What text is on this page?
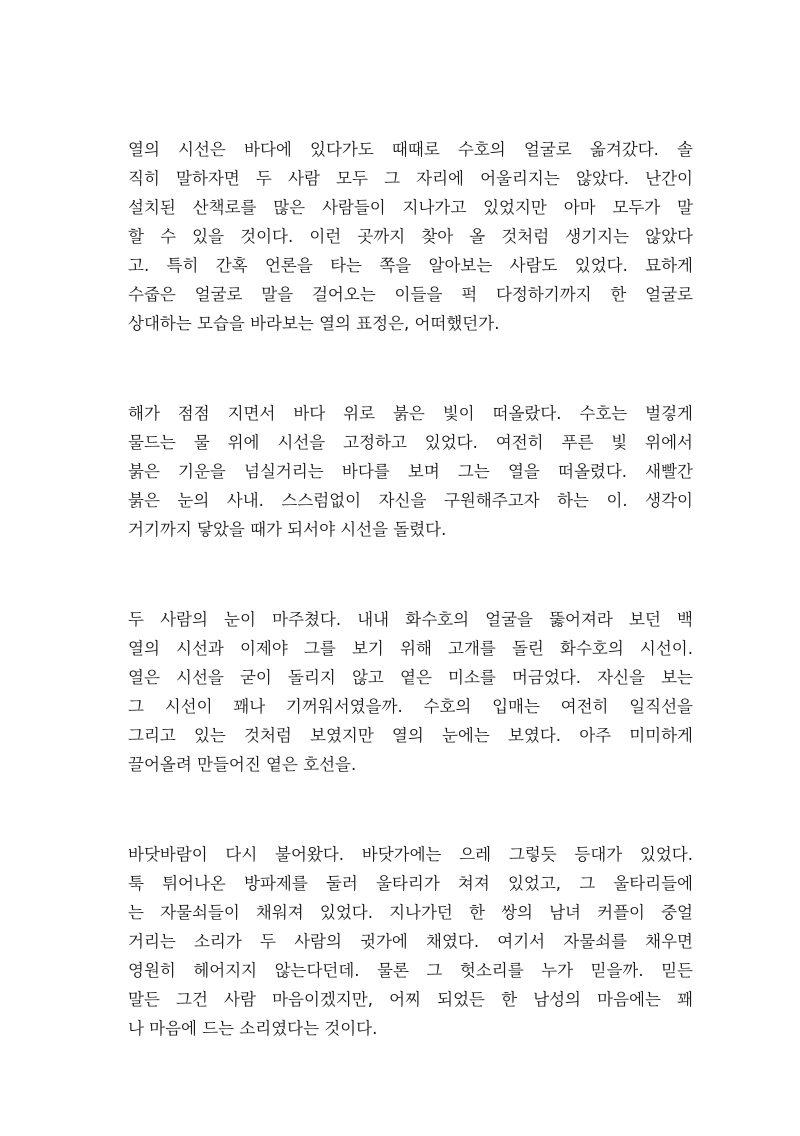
열의 시선은 바다에 있다가도 때때로 수호의 얼굴로 옮겨갔다. 솔
직히 말하자면 두 사람 모두 그 자리에 어울리지는 않았다. 난간이
설치된 산책로를 많은 사람들이 지나가고 있었지만 아마 모두가 말
할 수 있을 것이다. 이런 곳까지 찾아 올 것처럼 생기지는 않았다
고. 특히 간혹 언론을 타는 쪽을 알아보는 사람도 있었다. 묘하게
수줍은 얼굴로 말을 걸어오는 이들을 퍽 다정하기까지 한 얼굴로
상대하는 모습을 바라보는 열의 표정은, 어떠했던가.

해가 점점 지면서 바다 위로 붉은 빛이 떠올랐다. 수호는 벌겋게
물드는 물 위에 시선을 고정하고 있었다. 여전히 푸른 빛 위에서
붉은 기운을 넘실거리는 바다를 보며 그는 열을 떠올렸다. 새빨간
붉은 눈의 사내. 스스럼없이 자신을 구원해주고자 하는 이. 생각이
거기까지 닿았을 때가 되서야 시선을 돌렸다.

두 사람의 눈이 마주쳤다. 내내 화수호의 얼굴을 뚫어져라 보던 백
열의 시선과 이제야 그를 보기 위해 고개를 돌린 화수호의 시선이.
열은 시선을 굳이 돌리지 않고 옅은 미소를 머금었다. 자신을 보는
그 시선이 꽤나 기꺼워서였을까. 수호의 입매는 여전히 일직선을
그리고 있는 것처럼 보였지만 열의 눈에는 보였다. 아주 미미하게
끌어올려 만들어진 옅은 호선을.

바닷바람이 다시 불어왔다. 바닷가에는 으레 그렇듯 등대가 있었다.
툭 튀어나온 방파제를 둘러 울타리가 쳐져 있었고, 그 울타리들에
는 자물쇠들이 채워져 있었다. 지나가던 한 쌍의 남녀 커플이 중얼
거리는 소리가 두 사람의 귓가에 채였다. 여기서 자물쇠를 채우면
영원히 헤어지지 않는다던데. 물론 그 헛소리를 누가 믿을까. 믿든
말든 그건 사람 마음이겠지만, 어찌 되었든 한 남성의 마음에는 꽤
나 마음에 드는 소리였다는 것이다.
